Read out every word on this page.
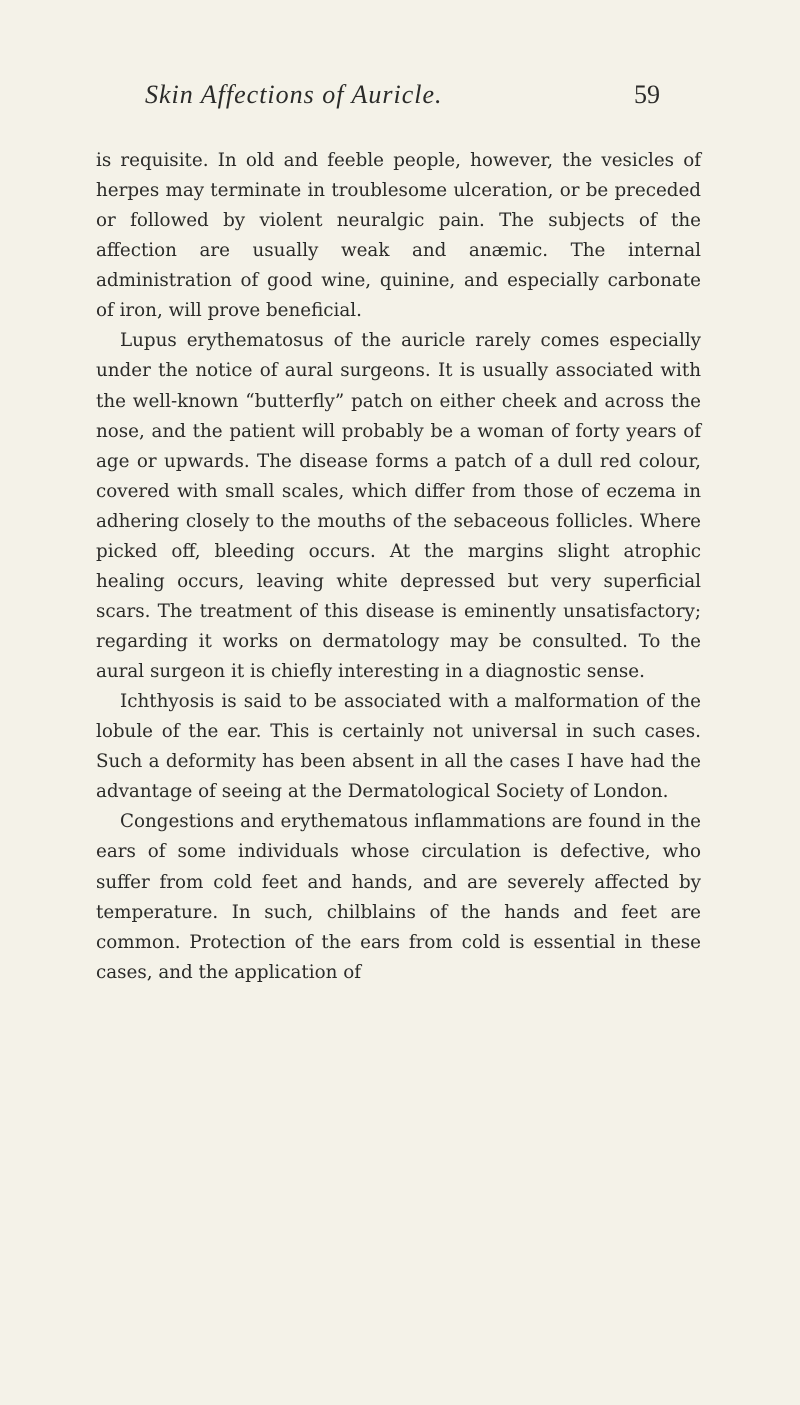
Skin Affections of Auricle.	59

is requisite. In old and feeble people, however, the vesicles of herpes may terminate in troublesome ulceration, or be preceded or followed by violent neuralgic pain. The subjects of the affection are usually weak and anæmic. The internal administration of good wine, quinine, and especially carbonate of iron, will prove beneficial.

Lupus erythematosus of the auricle rarely comes especially under the notice of aural surgeons. It is usually associated with the well-known “butterfly” patch on either cheek and across the nose, and the patient will probably be a woman of forty years of age or upwards. The disease forms a patch of a dull red colour, covered with small scales, which differ from those of eczema in adhering closely to the mouths of the sebaceous follicles. Where picked off, bleeding occurs. At the margins slight atrophic healing occurs, leaving white depressed but very superficial scars. The treatment of this disease is eminently unsatisfactory; regarding it works on dermatology may be consulted. To the aural surgeon it is chiefly interesting in a diagnostic sense.

Ichthyosis is said to be associated with a malformation of the lobule of the ear. This is certainly not universal in such cases. Such a deformity has been absent in all the cases I have had the advantage of seeing at the Dermatological Society of London.

Congestions and erythematous inflammations are found in the ears of some individuals whose circulation is defective, who suffer from cold feet and hands, and are severely affected by temperature. In such, chilblains of the hands and feet are common. Protection of the ears from cold is essential in these cases, and the application of
